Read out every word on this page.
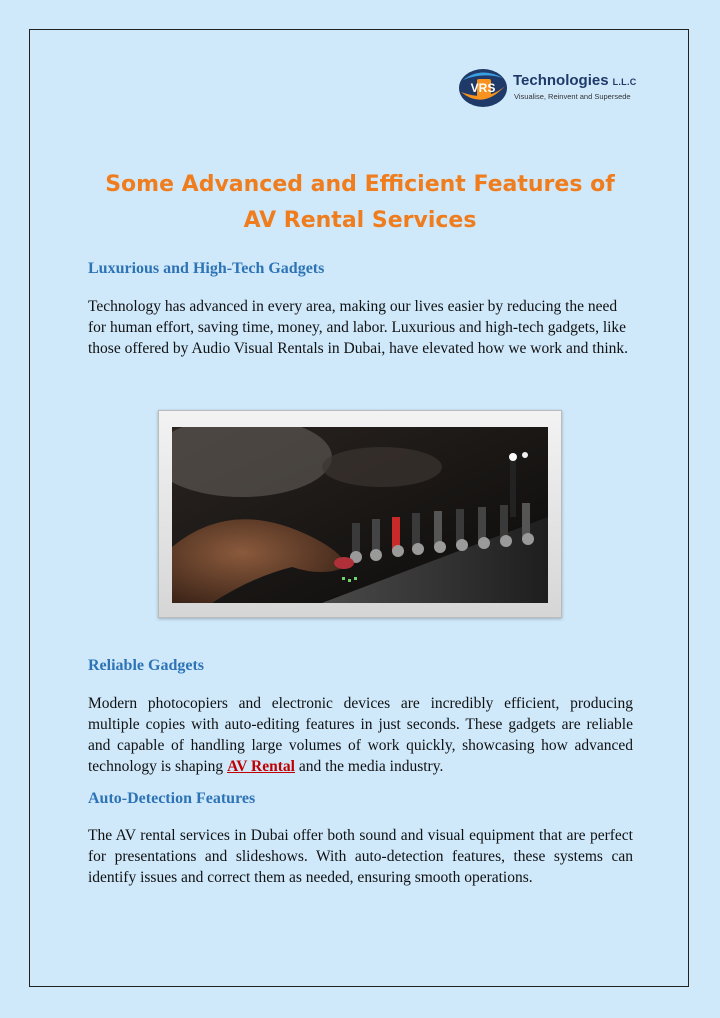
VRS Technologies L.L.C
Visualise, Reinvent and Supersede
Some Advanced and Efficient Features of
AV Rental Services
Luxurious and High-Tech Gadgets

Technology has advanced in every area, making our lives easier by reducing the need for human effort, saving time, money, and labor. Luxurious and high-tech gadgets, like those offered by Audio Visual Rentals in Dubai, have elevated how we work and think.

Reliable Gadgets

Modern photocopiers and electronic devices are incredibly efficient, producing multiple copies with auto-editing features in just seconds. These gadgets are reliable and capable of handling large volumes of work quickly, showcasing how advanced technology is shaping AV Rental and the media industry.

Auto-Detection Features

The AV rental services in Dubai offer both sound and visual equipment that are perfect for presentations and slideshows. With auto-detection features, these systems can identify issues and correct them as needed, ensuring smooth operations.
